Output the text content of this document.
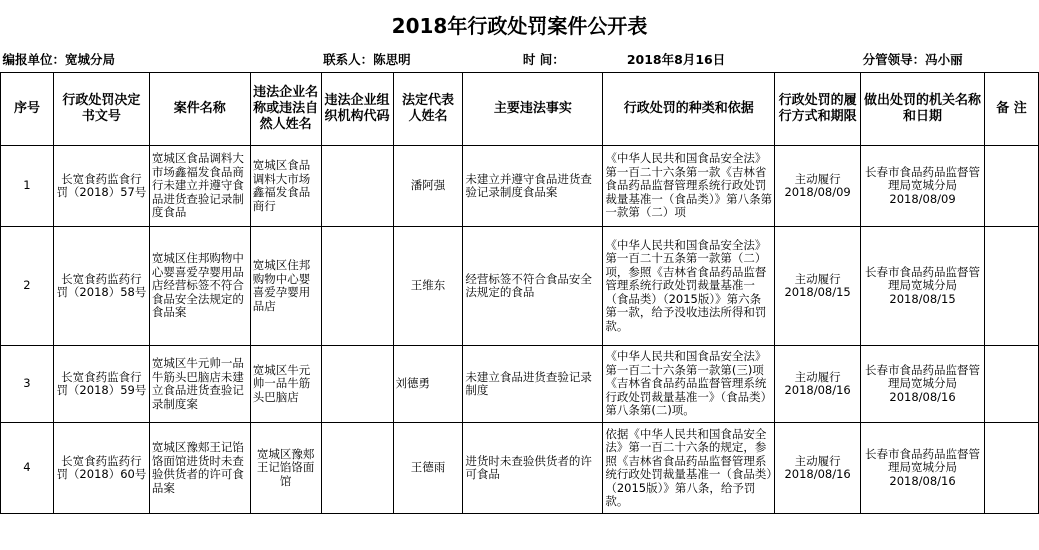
2018年行政处罚案件公开表										
编报单位：宽城分局				联系人：陈思明		时 间：	2018年8月16日		分管领导：冯小丽	
序号	行政处罚决定书文号	案件名称	违法企业名称或违法自然人姓名	违法企业组织机构代码	法定代表人姓名	主要违法事实	行政处罚的种类和依据	行政处罚的履行方式和期限	做出处罚的机关名称和日期	备 注
1	长宽食药监食行罚（2018）57号	宽城区食品调料大市场鑫福发食品商行未建立并遵守食品进货查验记录制度食品	宽城区食品调料大市场鑫福发食品商行		潘阿强	未建立并遵守食品进货查验记录制度食品案	《中华人民共和国食品安全法》第一百二十六条第一款《吉林省食品药品监督管理系统行政处罚裁量基准一（食品类）》第八条第一款第（二）项	主动履行2018/08/09	长春市食品药品监督管理局宽城分局2018/08/09	
2	长宽食药监药行罚（2018）58号	宽城区住邦购物中心婴喜爱孕婴用品店经营标签不符合食品安全法规定的食品案	宽城区住邦购物中心婴喜爱孕婴用品店		王维东	经营标签不符合食品安全法规定的食品	《中华人民共和国食品安全法》第一百二十五条第一款第（二）项，参照《吉林省食品药品监督管理系统行政处罚裁量基准一（食品类）（2015版）》第六条第一款，给予没收违法所得和罚款。	主动履行2018/08/15	长春市食品药品监督管理局宽城分局2018/08/15	
3	长宽食药监食行罚（2018）59号	宽城区牛元帅一品牛筋头巴脑店未建立食品进货查验记录制度案	宽城区牛元帅一品牛筋头巴脑店		刘德勇	未建立食品进货查验记录制度	《中华人民共和国食品安全法》第一百二十六条第一款第(三)项《吉林省食品药品监督管理系统行政处罚裁量基准一》（食品类）第八条第(二)项。	主动履行2018/08/16	长春市食品药品监督管理局宽城分局2018/08/16	
4	长宽食药监药行罚（2018）60号	宽城区豫郏王记馅饹面馆进货时未查验供货者的许可食品案	宽城区豫郏王记馅饹面馆		王德雨	进货时未查验供货者的许可食品	依据《中华人民共和国食品安全法》第一百二十六条的规定，参照《吉林省食品药品监督管理系统行政处罚裁量基准一（食品类）（2015版）》第八条，给予罚款。	主动履行2018/08/16	长春市食品药品监督管理局宽城分局2018/08/16	
